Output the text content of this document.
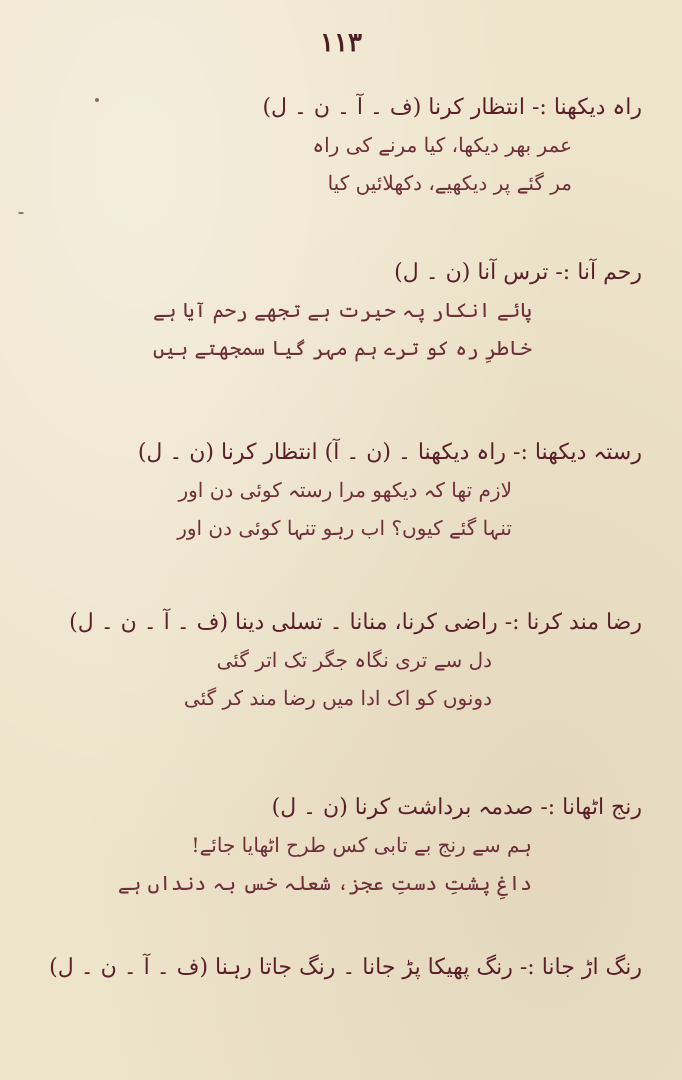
۱۱۳
راہ دیکھنا :- انتظار کرنا (ف ۔ آ ۔ ن ۔ ل)
عمر بھر دیکھا، کیا مرنے کی راہ
مر گئے پر دیکھیے، دکھلائیں کیا
رحم آنا :- ترس آنا (ن ۔ ل)
پائے انکار پہ حیرت ہے تجھے رحم آیا ہے
خاطرِ رہ کو ترے ہم مہر گیا سمجھتے ہیں
رستہ دیکھنا :- راہ دیکھنا ۔ (ن ۔ آ) انتظار کرنا (ن ۔ ل)
لازم تھا کہ دیکھو مرا رستہ کوئی دن اور
تنہا گئے کیوں؟ اب رہو تنہا کوئی دن اور
رضا مند کرنا :- راضی کرنا، منانا ۔ تسلی دینا (ف ۔ آ ۔ ن ۔ ل)
دل سے تری نگاہ جگر تک اتر گئی
دونوں کو اک ادا میں رضا مند کر گئی
رنج اٹھانا :- صدمہ برداشت کرنا (ن ۔ ل)
ہم سے رنج بے تابی کس طرح اٹھایا جائے!
داغِ پشتِ دستِ عجز، شعلہ خس بہ دنداں ہے
رنگ اڑ جانا :- رنگ پھیکا پڑ جانا ۔ رنگ جاتا رہنا (ف ۔ آ ۔ ن ۔ ل)
